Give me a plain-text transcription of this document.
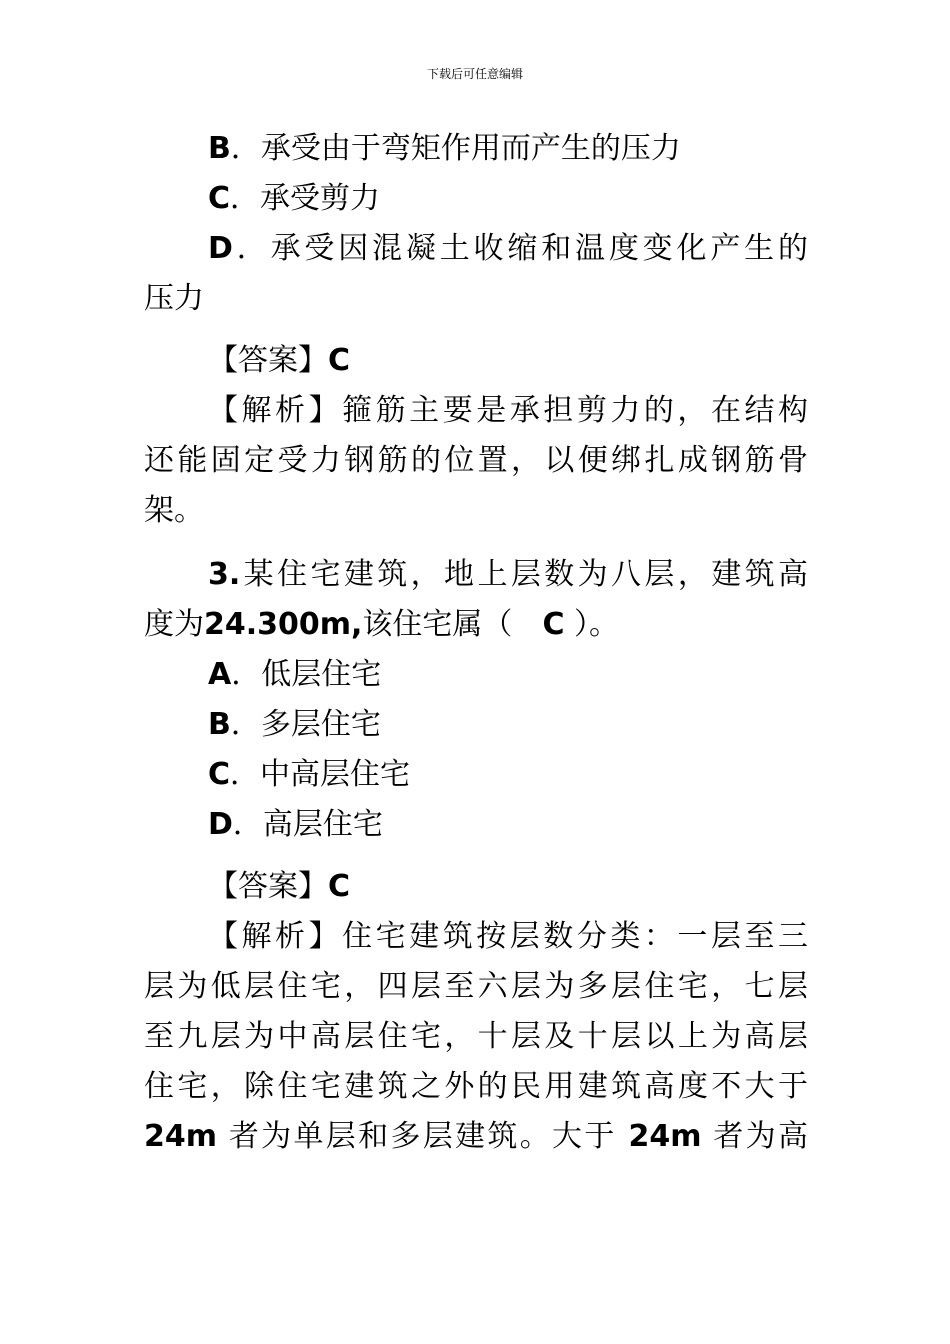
下载后可任意编辑

B．承受由于弯矩作用而产生的压力

C．承受剪力

D．承受因混凝土收缩和温度变化产生的

压力

【答案】C

【解析】箍筋主要是承担剪力的，在结构

还能固定受力钢筋的位置，以便绑扎成钢筋骨

架。

3.某住宅建筑，地上层数为八层，建筑高

度为24.300m,该住宅属（　C ）。

A．低层住宅

B．多层住宅

C．中高层住宅

D．高层住宅

【答案】C

【解析】住宅建筑按层数分类：一层至三

层为低层住宅，四层至六层为多层住宅，七层

至九层为中高层住宅，十层及十层以上为高层

住宅，除住宅建筑之外的民用建筑高度不大于

24m 者为单层和多层建筑。大于 24m 者为高
